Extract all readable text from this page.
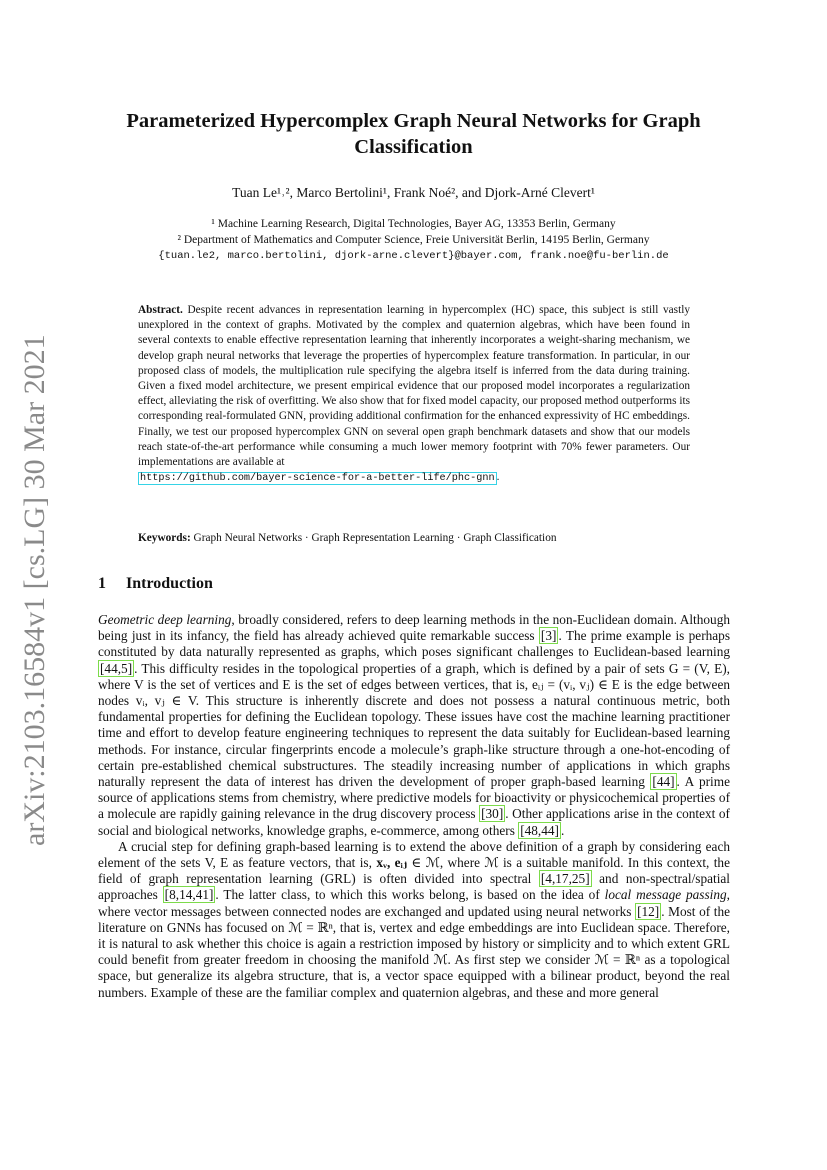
arXiv:2103.16584v1 [cs.LG] 30 Mar 2021
Parameterized Hypercomplex Graph Neural Networks for Graph Classification
Tuan Le¹˒², Marco Bertolini¹, Frank Noé², and Djork-Arné Clevert¹
¹ Machine Learning Research, Digital Technologies, Bayer AG, 13353 Berlin, Germany
² Department of Mathematics and Computer Science, Freie Universität Berlin, 14195 Berlin, Germany
{tuan.le2, marco.bertolini, djork-arne.clevert}@bayer.com, frank.noe@fu-berlin.de

Abstract. Despite recent advances in representation learning in hypercomplex (HC) space, this subject is still vastly unexplored in the context of graphs. Motivated by the complex and quaternion algebras, which have been found in several contexts to enable effective representation learning that inherently incorporates a weight-sharing mechanism, we develop graph neural networks that leverage the properties of hypercomplex feature transformation. In particular, in our proposed class of models, the multiplication rule specifying the algebra itself is inferred from the data during training. Given a fixed model architecture, we present empirical evidence that our proposed model incorporates a regularization effect, alleviating the risk of overfitting. We also show that for fixed model capacity, our proposed method outperforms its corresponding real-formulated GNN, providing additional confirmation for the enhanced expressivity of HC embeddings. Finally, we test our proposed hypercomplex GNN on several open graph benchmark datasets and show that our models reach state-of-the-art performance while consuming a much lower memory footprint with 70% fewer parameters. Our implementations are available at
https://github.com/bayer-science-for-a-better-life/phc-gnn .

Keywords: Graph Neural Networks · Graph Representation Learning · Graph Classification
1 Introduction

Geometric deep learning, broadly considered, refers to deep learning methods in the non-Euclidean domain. Although being just in its infancy, the field has already achieved quite remarkable success [3] . The prime example is perhaps constituted by data naturally represented as graphs, which poses significant challenges to Euclidean-based learning [44,5] . This difficulty resides in the topological properties of a graph, which is defined by a pair of sets G = (V, E), where V is the set of vertices and E is the set of edges between vertices, that is, eᵢⱼ = (vᵢ, vⱼ) ∈ E is the edge between nodes vᵢ, vⱼ ∈ V. This structure is inherently discrete and does not possess a natural continuous metric, both fundamental properties for defining the Euclidean topology. These issues have cost the machine learning practitioner time and effort to develop feature engineering techniques to represent the data suitably for Euclidean-based learning methods. For instance, circular fingerprints encode a molecule’s graph-like structure through a one-hot-encoding of certain pre-established chemical substructures. The steadily increasing number of applications in which graphs naturally represent the data of interest has driven the development of proper graph-based learning [44] . A prime source of applications stems from chemistry, where predictive models for bioactivity or physicochemical properties of a molecule are rapidly gaining relevance in the drug discovery process [30] . Other applications arise in the context of social and biological networks, knowledge graphs, e-commerce, among others [48,44] .

A crucial step for defining graph-based learning is to extend the above definition of a graph by considering each element of the sets V, E as feature vectors, that is, xᵥ, eᵢⱼ ∈ ℳ, where ℳ is a suitable manifold. In this context, the field of graph representation learning (GRL) is often divided into spectral [4,17,25] and non-spectral/spatial approaches [8,14,41] . The latter class, to which this works belong, is based on the idea of local message passing, where vector messages between connected nodes are exchanged and updated using neural networks [12] . Most of the literature on GNNs has focused on ℳ = ℝⁿ, that is, vertex and edge embeddings are into Euclidean space. Therefore, it is natural to ask whether this choice is again a restriction imposed by history or simplicity and to which extent GRL could benefit from greater freedom in choosing the manifold ℳ. As first step we consider ℳ = ℝⁿ as a topological space, but generalize its algebra structure, that is, a vector space equipped with a bilinear product, beyond the real numbers. Example of these are the familiar complex and quaternion algebras, and these and more general
